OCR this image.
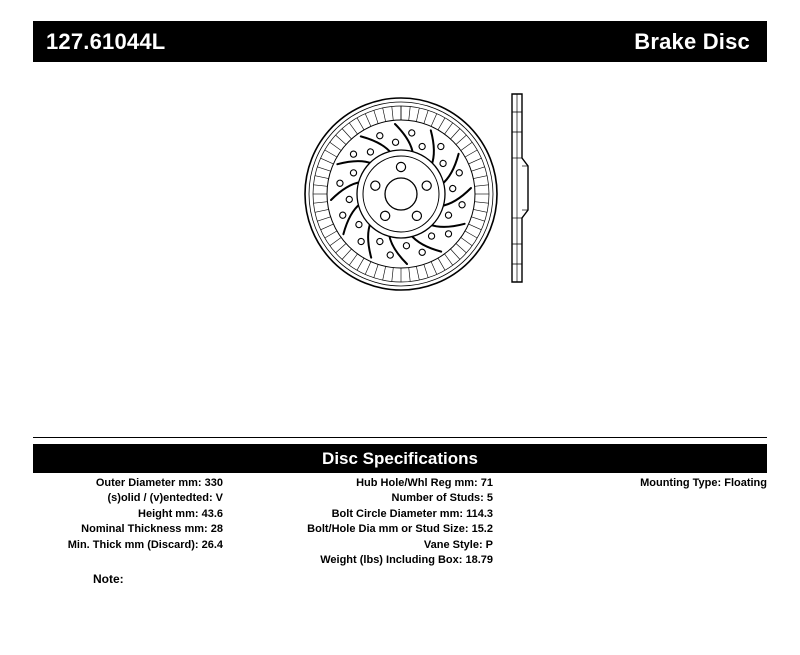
127.61044L	Brake Disc
Disc Specifications
Outer Diameter mm: 330
(s)olid / (v)entedted: V
Height mm: 43.6
Nominal Thickness mm: 28
Min. Thick mm (Discard): 26.4
Hub Hole/Whl Reg mm: 71
Number of Studs: 5
Bolt Circle Diameter mm: 114.3
Bolt/Hole Dia mm or Stud Size: 15.2
Vane Style: P
Weight (lbs) Including Box: 18.79
Mounting Type: Floating
Note:
